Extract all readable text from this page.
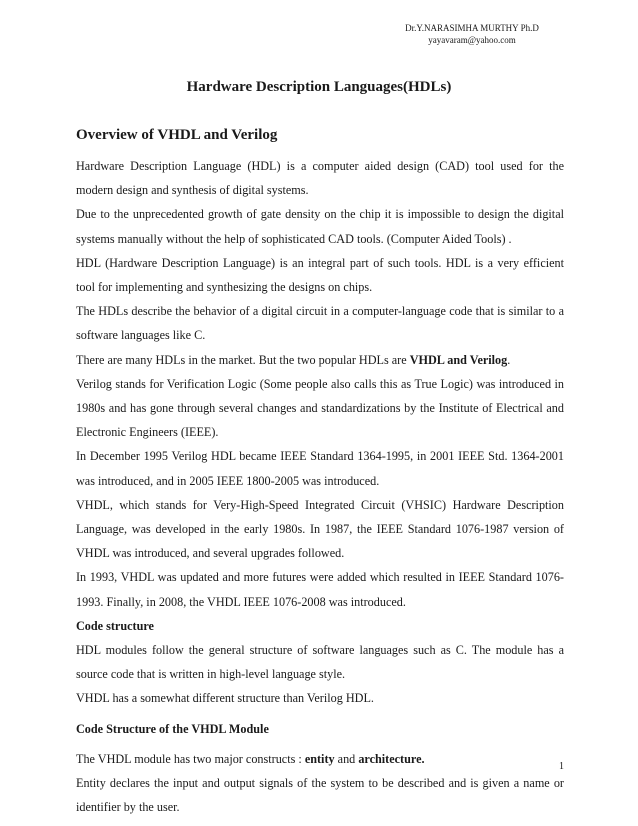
Dr.Y.NARASIMHA MURTHY Ph.D
yayavaram@yahoo.com
Hardware Description Languages(HDLs)
Overview of VHDL and Verilog

Hardware Description Language (HDL) is a computer aided design (CAD) tool used for the modern design and synthesis of digital systems.

Due to the unprecedented growth of gate density on the chip it is impossible to design the digital systems manually without the help of sophisticated CAD tools. (Computer Aided Tools) .

HDL (Hardware Description Language) is an integral part of such tools. HDL is a very efficient tool for implementing and synthesizing the designs on chips.

The HDLs describe the behavior of a digital circuit in a computer-language code that is similar to a software languages like C.

There are many HDLs in the market. But the two popular HDLs are VHDL and Verilog.

Verilog stands for Verification Logic (Some people also calls this as True Logic) was introduced in 1980s and has gone through several changes and standardizations by the Institute of Electrical and Electronic Engineers (IEEE).

In December 1995 Verilog HDL became IEEE Standard 1364-1995, in 2001 IEEE Std. 1364-2001 was introduced, and in 2005 IEEE 1800-2005 was introduced.

VHDL, which stands for Very-High-Speed Integrated Circuit (VHSIC) Hardware Description Language, was developed in the early 1980s. In 1987, the IEEE Standard 1076-1987 version of VHDL was introduced, and several upgrades followed.

In 1993, VHDL was updated and more futures were added which resulted in IEEE Standard 1076-1993. Finally, in 2008, the VHDL IEEE 1076-2008 was introduced.

Code structure

HDL modules follow the general structure of software languages such as C. The module has a source code that is written in high-level language style.

VHDL has a somewhat different structure than Verilog HDL.

Code Structure of the VHDL Module

The VHDL module has two major constructs : entity and architecture.

Entity declares the input and output signals of the system to be described and is given a name or identifier by the user.

1
